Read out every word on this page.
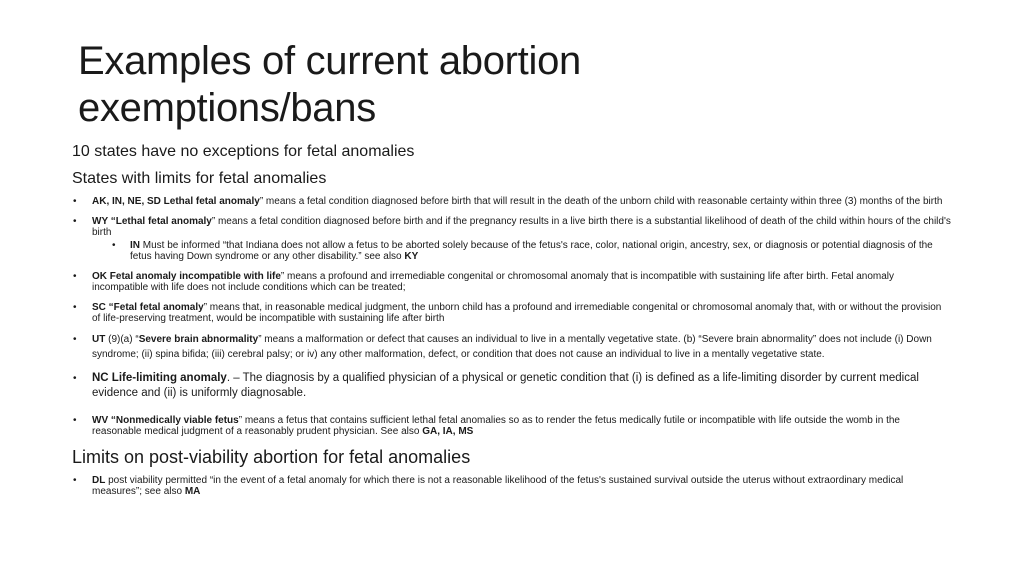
Examples of current abortion
exemptions/bans
10 states have no exceptions for fetal anomalies
States with limits for fetal anomalies
• AK, IN, NE, SD Lethal fetal anomaly” means a fetal condition diagnosed before birth that will result in the death of the unborn child with reasonable certainty within three (3) months of the birth
• WY “Lethal fetal anomaly” means a fetal condition diagnosed before birth and if the pregnancy results in a live birth there is a substantial likelihood of death of the child within hours of the child's birth
• IN Must be informed “that Indiana does not allow a fetus to be aborted solely because of the fetus's race, color, national origin, ancestry, sex, or diagnosis or potential diagnosis of the fetus having Down syndrome or any other disability.” see also KY
• OK Fetal anomaly incompatible with life” means a profound and irremediable congenital or chromosomal anomaly that is incompatible with sustaining life after birth. Fetal anomaly incompatible with life does not include conditions which can be treated;
• SC “Fetal fetal anomaly” means that, in reasonable medical judgment, the unborn child has a profound and irremediable congenital or chromosomal anomaly that, with or without the provision of life-preserving treatment, would be incompatible with sustaining life after birth
• UT (9)(a) “Severe brain abnormality” means a malformation or defect that causes an individual to live in a mentally vegetative state. (b) “Severe brain abnormality” does not include (i) Down syndrome; (ii) spina bifida; (iii) cerebral palsy; or iv) any other malformation, defect, or condition that does not cause an individual to live in a mentally vegetative state.
• NC Life-limiting anomaly. – The diagnosis by a qualified physician of a physical or genetic condition that (i) is defined as a life-limiting disorder by current medical evidence and (ii) is uniformly diagnosable.
• WV “Nonmedically viable fetus” means a fetus that contains sufficient lethal fetal anomalies so as to render the fetus medically futile or incompatible with life outside the womb in the reasonable medical judgment of a reasonably prudent physician. See also GA, IA, MS
Limits on post-viability abortion for fetal anomalies
• DL post viability permitted “in the event of a fetal anomaly for which there is not a reasonable likelihood of the fetus's sustained survival outside the uterus without extraordinary medical measures”; see also MA
